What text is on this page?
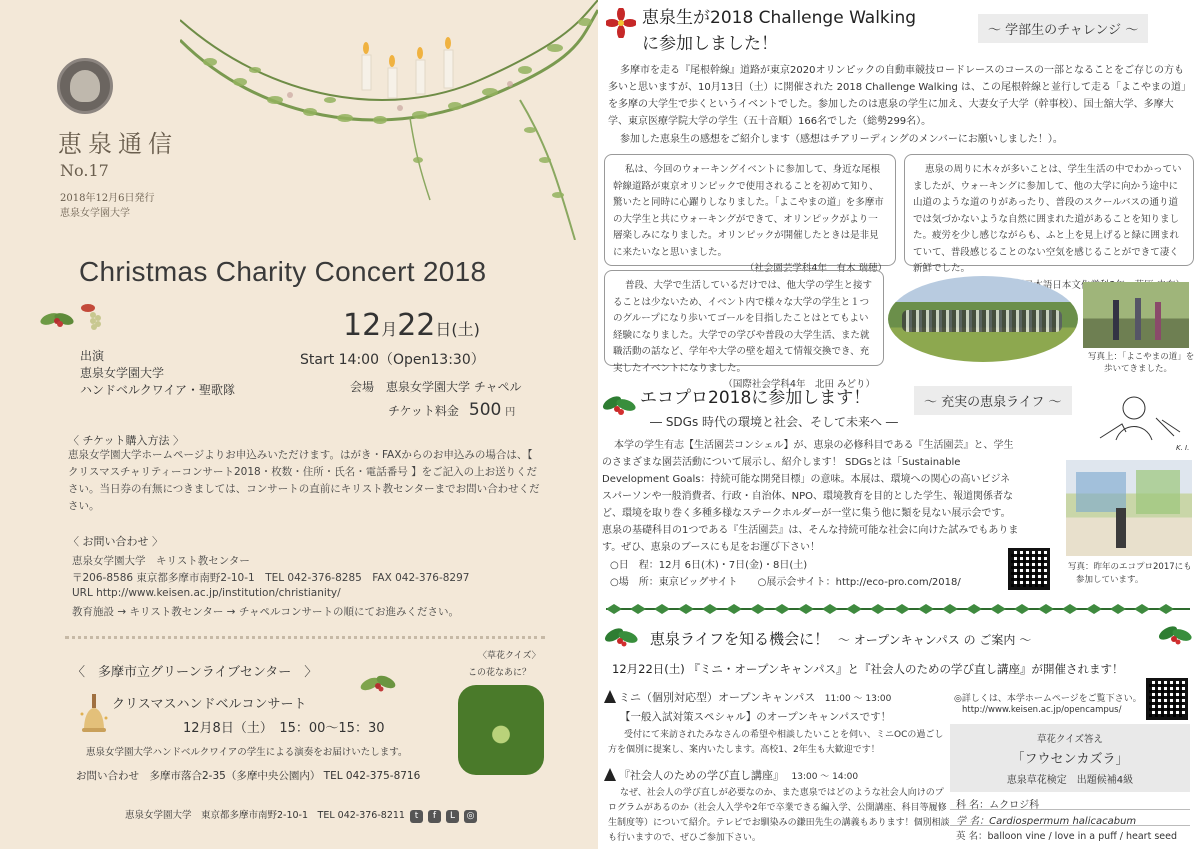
恵泉通信
No.17
2018年12月6日発行
恵泉女学園大学
Christmas Charity Concert 2018
12月22日(土)
Start 14:00（Open13:30）
会場　恵泉女学園大学 チャペル
チケット料金 500 円
出演
恵泉女学園大学
ハンドベルクワイア・聖歌隊
〈 チケット購入方法 〉
恵泉女学園大学ホームページよりお申込みいただけます。はがき・FAXからのお申込みの場合は、【 クリスマスチャリティーコンサート2018・枚数・住所・氏名・電話番号 】をご記入の上お送りください。当日券の有無につきましては、コンサートの直前にキリスト教センターまでお問い合わせください。
〈 お問い合わせ 〉
恵泉女学園大学　キリスト教センター
〒206-8586 東京都多摩市南野2-10-1　TEL 042-376-8285　FAX 042-376-8297
URL http://www.keisen.ac.jp/institution/christianity/
教育施設 → キリスト教センター → チャペルコンサートの順にてお進みください。
〈　多摩市立グリーンライブセンター　〉
クリスマスハンドベルコンサート
12月8日（土）　15：00〜15：30
恵泉女学園大学ハンドベルクワイアの学生による演奏をお届けいたします。
お問い合わせ　多摩市落合2-35（多摩中央公園内） TEL 042-375-8716
〈草花クイズ〉
この花なあに？
恵泉女学園大学　東京都多摩市南野2-10-1　TEL 042-376-8211	t f L ◎
恵泉生が2018 Challenge Walking
に参加しました！
〜 学部生のチャレンジ 〜
多摩市を走る『尾根幹線』道路が東京2020オリンピックの自動車競技ロードレースのコースの一部となることをご存じの方も多いと思いますが、10月13日（土）に開催された 2018 Challenge Walking は、この尾根幹線と並行して走る「よこやまの道」を多摩の大学生で歩くというイベントでした。参加したのは恵泉の学生に加え、大妻女子大学（幹事校）、国士舘大学、多摩大学、東京医療学院大学の学生（五十音順）166名でした（総勢299名）。
参加した恵泉生の感想をご紹介します（感想はチアリーディングのメンバーにお願いしました！）。
私は、今回のウォーキングイベントに参加して、身近な尾根幹線道路が東京オリンピックで使用されることを初めて知り、驚いたと同時に心躍りしなりました。「よこやまの道」を多摩市の大学生と共にウォーキングができて、オリンピックがより一層楽しみになりました。オリンピックが開催したときは是非見に来たいなと思いました。
（社会園芸学科4年　有木 瑞穂）
恵泉の周りに木々が多いことは、学生生活の中でわかっていましたが、ウォーキングに参加して、他の大学に向かう途中に山道のような道のりがあったり、普段のスクールバスの通り道では気づかないような自然に囲まれた道があることを知りました。疲労を少し感じながらも、ふと上を見上げると緑に囲まれていて、普段感じることのない空気を感じることができて凄く新鮮でした。
（日本語日本文化学科3年　
普段、大学で生活しているだけでは、他大学の学生と接することは少ないため、イベント内で様々な大学の学生と１つのグループになり歩いてゴールを目指したことはとてもよい経験になりました。大学での学びや普段の大学生活、また就職活動の話など、学年や大学の壁を超えて情報交換でき、充実したイベントになりました。
（国際社会学科4年　北田 みどり）
写真上：「よこやまの道」を
歩いてきました。
エコプロ2018に参加します！	〜 充実の恵泉ライフ 〜
― SDGs 時代の環境と社会、そして未来へ ―
K. I.
本学の学生有志【生活園芸コンシェル】が、恵泉の必修科目である『生活園芸』と、学生のさまざまな園芸活動について展示し、紹介します！ SDGsとは「Sustainable Development Goals：持続可能な開発目標」の意味。本展は、環境への関心の高いビジネスパーソンや一般消費者、行政・自治体、NPO、環境教育を目的とした学生、報道関係者など、環境を取り巻く多種多様なステークホルダーが一堂に集う他に類を見ない展示会です。恵泉の基礎科目の1つである『生活園芸』は、そんな持続可能な社会に向けた試みでもあります。ぜひ、恵泉のブースにも足をお運び下さい！
○日　程：12月 6日(木)・7日(金)・8日(土)
○場　所：東京ビッグサイト　　○展示会サイト：http://eco-pro.com/2018/
写真：昨年のエコプロ2017にも
参加しています。
恵泉ライフを知る機会に！ 〜 オープンキャンパス の ご案内 〜
12月22日(土) 『ミニ・オープンキャンパス』と『社会人のための学び直し講座』が開催されます！
ミニ（個別対応型）オープンキャンパス 11:00 〜 13:00	◎詳しくは、本学ホームページをご覧下さい。
http://www.keisen.ac.jp/opencampus/
【一般入試対策スペシャル】のオープンキャンパスです！
受付にて来訪されたみなさんの希望や相談したいことを伺い、ミニOCの過ごし方を個別に提案し、案内いたします。高校1、2年生も大歓迎です！
『社会人のための学び直し講座』 13:00 〜 14:00
なぜ、社会人の学び直しが必要なのか、また恵泉ではどのような社会人向けのプログラムがあるのか（社会人入学や2年で卒業できる編入学、公開講座、科目等履修生制度等）について紹介。テレビでお馴染みの鎌田先生の講義もあります！個別相談も行いますので、ぜひご参加下さい。
草花クイズ答え
「フウセンカズラ」
恵泉草花検定　出題候補4級
科 名：ムクロジ科
学 名：Cardiospermum halicacabum
英 名：balloon vine / love in a puff / heart seed
